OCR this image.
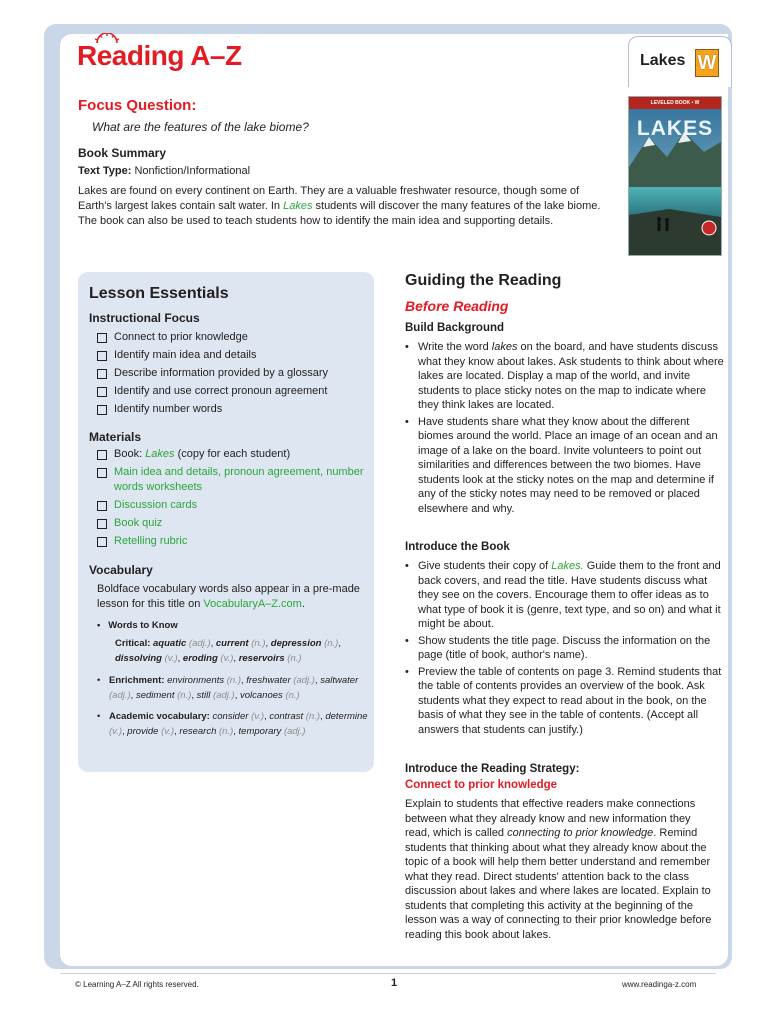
Reading A–Z	Lakes W
Focus Question:
What are the features of the lake biome?
Book Summary
Text Type: Nonfiction/Informational
Lakes are found on every continent on Earth. They are a valuable freshwater resource, though some of Earth's largest lakes contain salt water. In Lakes students will discover the many features of the lake biome. The book can also be used to teach students how to identify the main idea and supporting details.
LEVELED BOOK • W
LAKES
Lesson Essentials
Instructional Focus
Connect to prior knowledge
Identify main idea and details
Describe information provided by a glossary
Identify and use correct pronoun agreement
Identify number words
Materials
Book: Lakes (copy for each student)
Main idea and details, pronoun agreement, number words worksheets
Discussion cards
Book quiz
Retelling rubric
Vocabulary
Boldface vocabulary words also appear in a pre-made lesson for this title on VocabularyA–Z.com.
• Words to Know
Critical: aquatic (adj.), current (n.), depression (n.), dissolving (v.), eroding (v.), reservoirs (n.)
• Enrichment: environments (n.), freshwater (adj.), saltwater (adj.), sediment (n.), still (adj.), volcanoes (n.)
• Academic vocabulary: consider (v.), contrast (n.), determine (v.), provide (v.), research (n.), temporary (adj.)
Guiding the Reading
Before Reading
Build Background
• Write the word lakes on the board, and have students discuss what they know about lakes. Ask students to think about where lakes are located. Display a map of the world, and invite students to place sticky notes on the map to indicate where they think lakes are located.
• Have students share what they know about the different biomes around the world. Place an image of an ocean and an image of a lake on the board. Invite volunteers to point out similarities and differences between the two biomes. Have students look at the sticky notes on the map and determine if any of the sticky notes may need to be removed or placed elsewhere and why.
Introduce the Book
• Give students their copy of Lakes. Guide them to the front and back covers, and read the title. Have students discuss what they see on the covers. Encourage them to offer ideas as to what type of book it is (genre, text type, and so on) and what it might be about.
• Show students the title page. Discuss the information on the page (title of book, author's name).
• Preview the table of contents on page 3. Remind students that the table of contents provides an overview of the book. Ask students what they expect to read about in the book, on the basis of what they see in the table of contents. (Accept all answers that students can justify.)
Introduce the Reading Strategy:
Connect to prior knowledge
Explain to students that effective readers make connections between what they already know and new information they read, which is called connecting to prior knowledge. Remind students that thinking about what they already know about the topic of a book will help them better understand and remember what they read. Direct students' attention back to the class discussion about lakes and where lakes are located. Explain to students that completing this activity at the beginning of the lesson was a way of connecting to their prior knowledge before reading this book about lakes.
© Learning A–Z All rights reserved.	1	www.readinga-z.com
